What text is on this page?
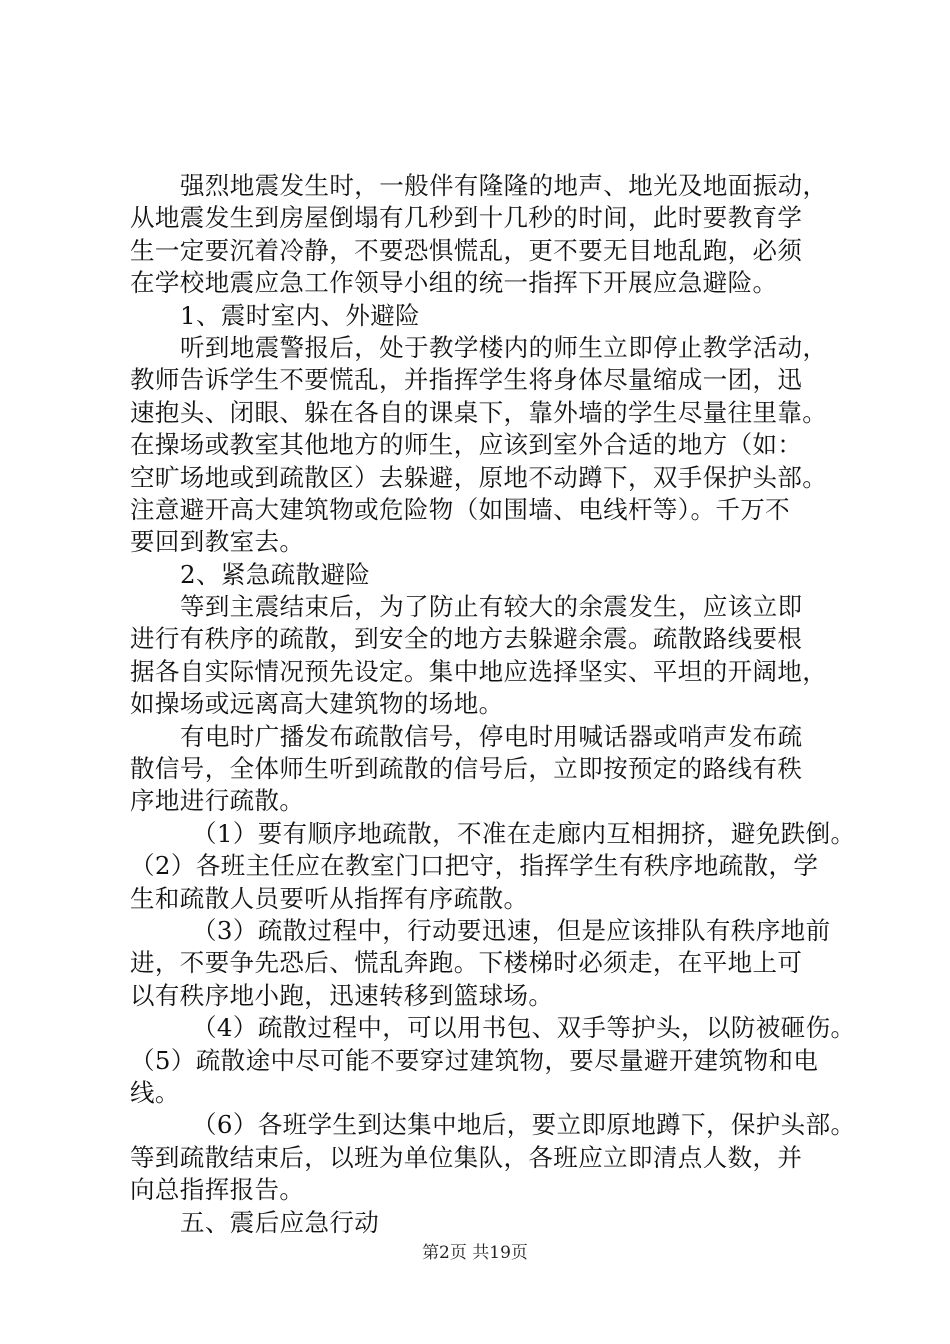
强烈地震发生时，一般伴有隆隆的地声、地光及地面振动，
从地震发生到房屋倒塌有几秒到十几秒的时间，此时要教育学
生一定要沉着冷静，不要恐惧慌乱，更不要无目地乱跑，必须
在学校地震应急工作领导小组的统一指挥下开展应急避险。
1、震时室内、外避险
听到地震警报后，处于教学楼内的师生立即停止教学活动，
教师告诉学生不要慌乱，并指挥学生将身体尽量缩成一团，迅
速抱头、闭眼、躲在各自的课桌下，靠外墙的学生尽量往里靠。
在操场或教室其他地方的师生，应该到室外合适的地方（如：
空旷场地或到疏散区）去躲避，原地不动蹲下，双手保护头部。
注意避开高大建筑物或危险物（如围墙、电线杆等）。千万不
要回到教室去。
2、紧急疏散避险
等到主震结束后，为了防止有较大的余震发生，应该立即
进行有秩序的疏散，到安全的地方去躲避余震。疏散路线要根
据各自实际情况预先设定。集中地应选择坚实、平坦的开阔地，
如操场或远离高大建筑物的场地。
有电时广播发布疏散信号，停电时用喊话器或哨声发布疏
散信号，全体师生听到疏散的信号后，立即按预定的路线有秩
序地进行疏散。
（1）要有顺序地疏散，不准在走廊内互相拥挤，避免跌倒。
（2）各班主任应在教室门口把守，指挥学生有秩序地疏散，学
生和疏散人员要听从指挥有序疏散。
（3）疏散过程中，行动要迅速，但是应该排队有秩序地前
进，不要争先恐后、慌乱奔跑。下楼梯时必须走，在平地上可
以有秩序地小跑，迅速转移到篮球场。
（4）疏散过程中，可以用书包、双手等护头，以防被砸伤。
（5）疏散途中尽可能不要穿过建筑物，要尽量避开建筑物和电
线。
（6）各班学生到达集中地后，要立即原地蹲下，保护头部。
等到疏散结束后，以班为单位集队，各班应立即清点人数，并
向总指挥报告。
五、震后应急行动
第2页 共19页
